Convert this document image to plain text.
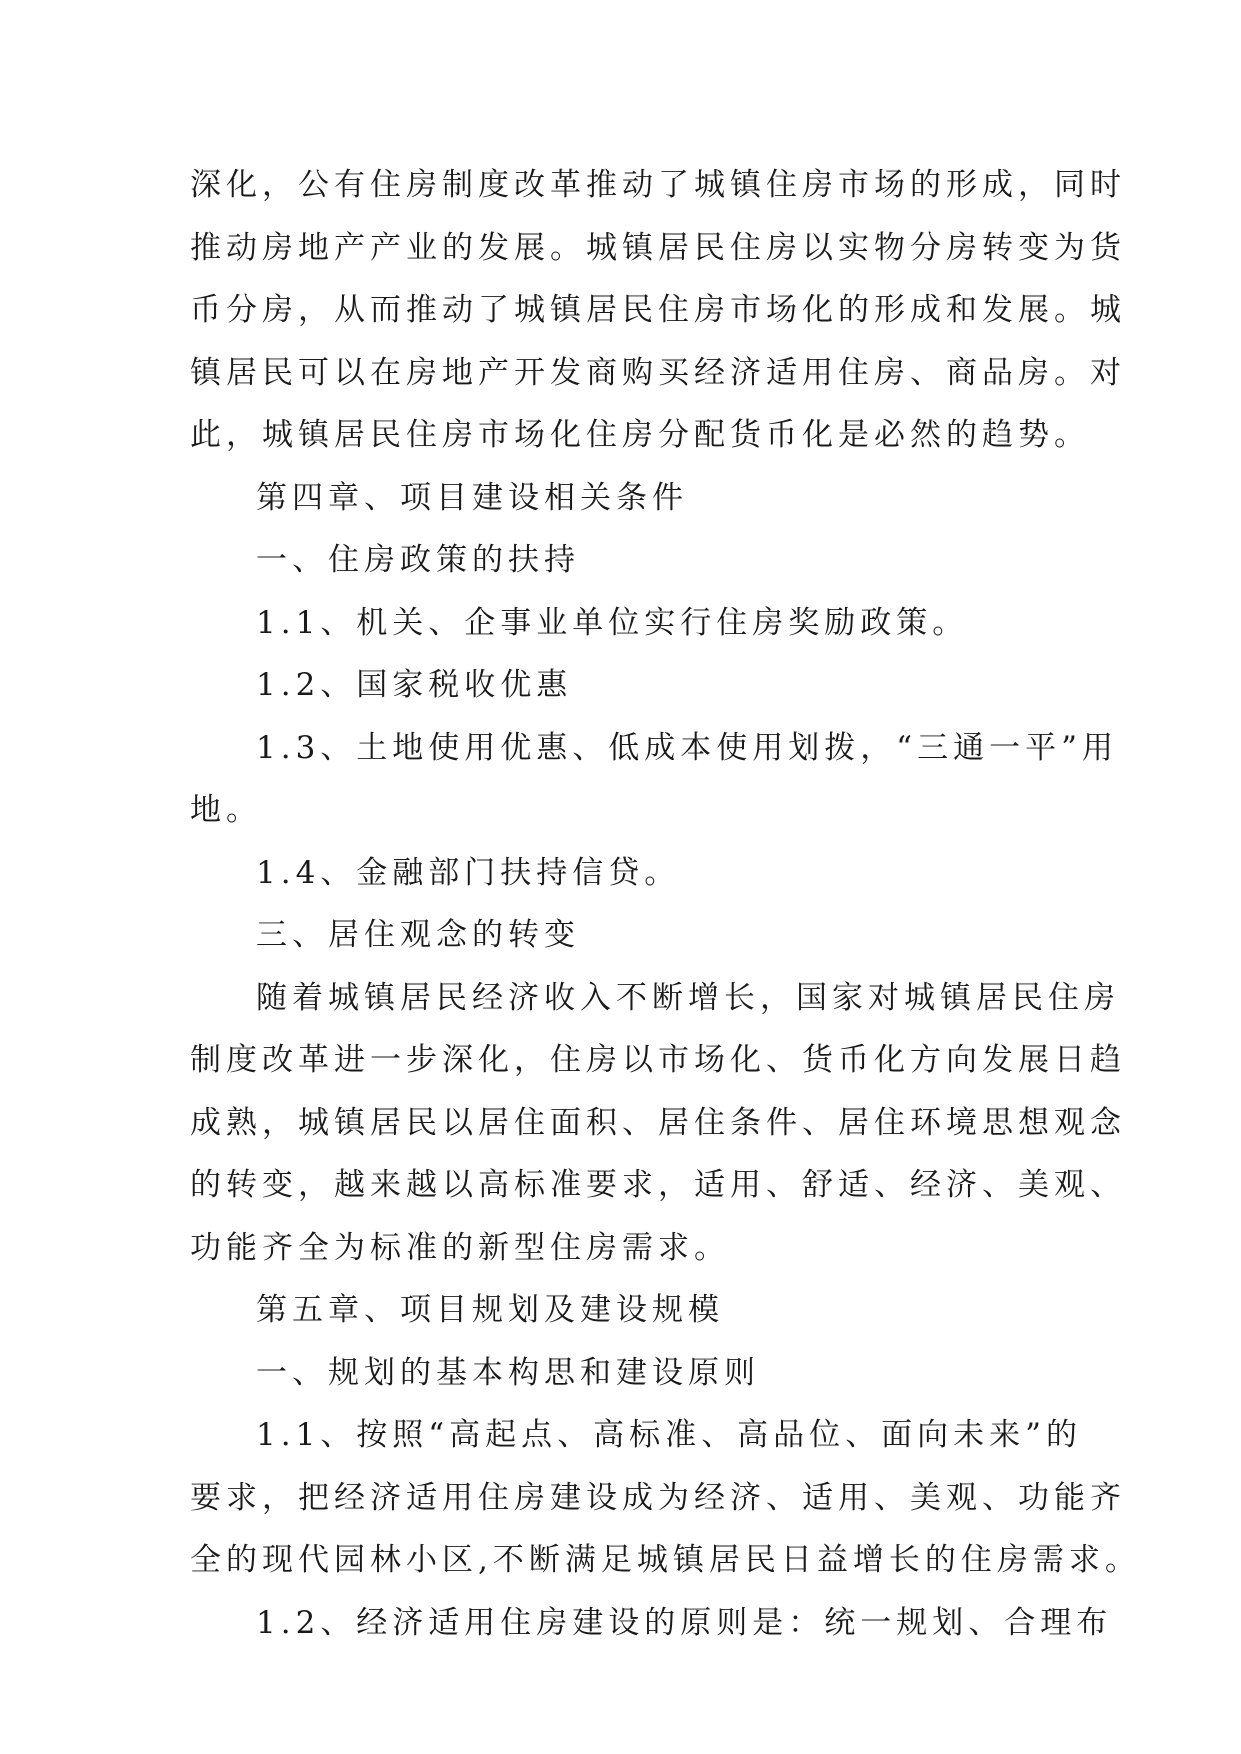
深化，公有住房制度改革推动了城镇住房市场的形成，同时
推动房地产产业的发展。城镇居民住房以实物分房转变为货
币分房，从而推动了城镇居民住房市场化的形成和发展。城
镇居民可以在房地产开发商购买经济适用住房、商品房。对
此，城镇居民住房市场化住房分配货币化是必然的趋势。
第四章、项目建设相关条件
一、住房政策的扶持
1.1、机关、企事业单位实行住房奖励政策。
1.2、国家税收优惠
1.3、土地使用优惠、低成本使用划拨，“三通一平”用
地。
1.4、金融部门扶持信贷。
三、居住观念的转变
随着城镇居民经济收入不断增长，国家对城镇居民住房
制度改革进一步深化，住房以市场化、货币化方向发展日趋
成熟，城镇居民以居住面积、居住条件、居住环境思想观念
的转变，越来越以高标准要求，适用、舒适、经济、美观、
功能齐全为标准的新型住房需求。
第五章、项目规划及建设规模
一、规划的基本构思和建设原则
1.1、按照“高起点、高标准、高品位、面向未来”的
要求，把经济适用住房建设成为经济、适用、美观、功能齐
全的现代园林小区,不断满足城镇居民日益增长的住房需求。
1.2、经济适用住房建设的原则是：统一规划、合理布
